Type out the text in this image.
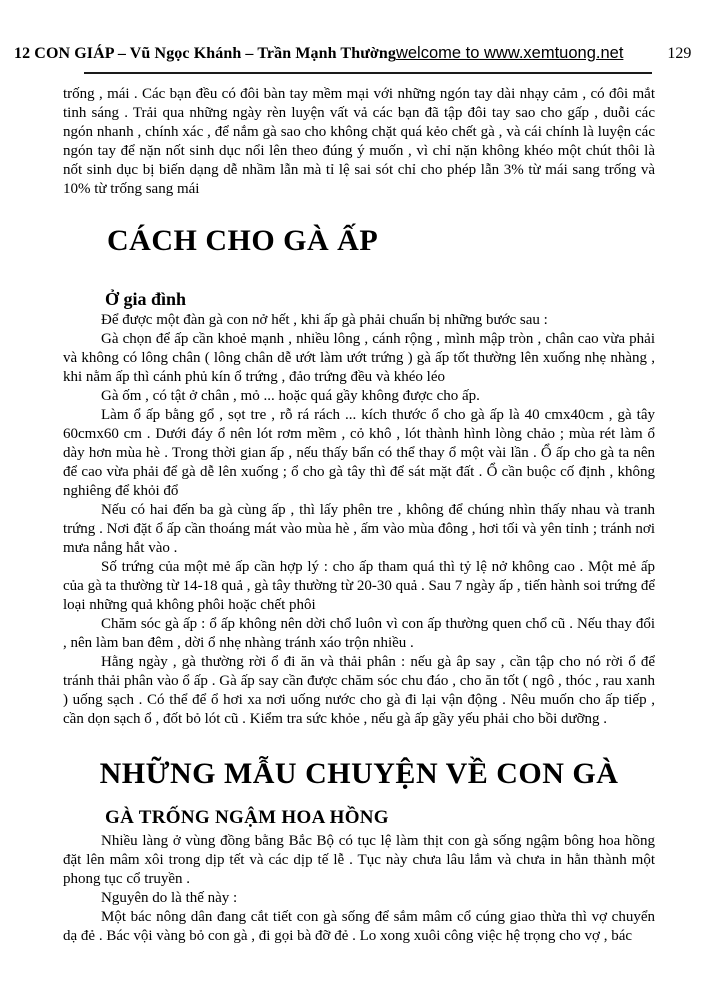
12 CON GIÁP – Vũ Ngọc Khánh – Trần Mạnh Thường welcome to www.xemtuong.net	129

trống , mái . Các bạn đều có đôi bàn tay mềm mại với những ngón tay dài nhạy cảm , có đôi mắt tinh sáng . Trải qua những ngày rèn luyện vất vả các bạn đã tập đôi tay sao cho gấp , duỗi các ngón nhanh , chính xác , để nắm gà sao cho không chặt quá kẻo chết gà , và cái chính là luyện các ngón tay để nặn nốt sinh dục nổi lên theo đúng ý muốn , vì chỉ nặn không khéo một chút thôi là nốt sinh dục bị biến dạng dễ nhầm lẫn mà tỉ lệ sai sót chỉ cho phép lẫn 3% từ mái sang trống và 10% từ trống sang mái

CÁCH CHO GÀ ẤP
Ở gia đình

Để được một đàn gà con nở hết , khi ấp gà phải chuẩn bị những bước sau :

Gà chọn để ấp cần khoẻ mạnh , nhiều lông , cánh rộng , mình mập tròn , chân cao vừa phải và không có lông chân ( lông chân dễ ướt làm ướt trứng ) gà ấp tốt thường lên xuống nhẹ nhàng , khi nằm ấp thì cánh phủ kín ổ trứng , đảo trứng đều và khéo léo

Gà ốm , có tật ở chân , mỏ ... hoặc quá gầy không được cho ấp.

Làm ổ ấp bằng gổ , sọt tre , rỗ rá rách ... kích thước ổ cho gà ấp là 40 cmx40cm , gà tây 60cmx60 cm . Dưới đáy ổ nên lót rơm mềm , cỏ khô , lót thành hình lòng chảo ; mùa rét làm ổ dày hơn mùa hè . Trong thời gian ấp , nếu thấy bẩn có thể thay ổ một vài lần . Ổ ấp cho gà ta nên để cao vừa phải để gà dễ lên xuống ; ổ cho gà tây thì để sát mặt đất . Ổ cần buộc cố định , không nghiêng để khỏi đổ

Nếu có hai đến ba gà cùng ấp , thì lấy phên tre , không để chúng nhìn thấy nhau và tranh trứng . Nơi đặt ổ ấp cần thoáng mát vào mùa hè , ấm vào mùa đông , hơi tối và yên tỉnh ; tránh nơi mưa nắng hắt vào .

Số trứng của một mẻ ấp cần hợp lý : cho ấp tham quá thì tỷ lệ nở không cao . Một mẻ ấp của gà ta thường từ 14-18 quả , gà tây thường từ 20-30 quả . Sau 7 ngày ấp , tiến hành soi trứng để loại những quả không phôi hoặc chết phôi

Chăm sóc gà ấp : ổ ấp không nên dời chổ luôn vì con ấp thường quen chổ cũ . Nếu thay đổi , nên làm ban đêm , dời ổ nhẹ nhàng tránh xáo trộn nhiều .

Hằng ngày , gà thường rời ổ đi ăn và thải phân : nếu gà âp say , cần tập cho nó rời ổ để tránh thải phân vào ổ ấp . Gà ấp say cần được chăm sóc chu đáo , cho ăn tốt ( ngô , thóc , rau xanh ) uống sạch . Có thể để ổ hơi xa nơi uống nước cho gà đi lại vận động . Nêu muốn cho ấp tiếp , cần dọn sạch ổ , đốt bỏ lót cũ . Kiểm tra sức khỏe , nếu gà ấp gầy yếu phải cho bồi dưỡng .

NHỮNG MẪU CHUYỆN VỀ CON GÀ
GÀ TRỐNG NGẬM HOA HỒNG

Nhiều làng ở vùng đồng bằng Bắc Bộ có tục lệ làm thịt con gà sống ngậm bông hoa hồng đặt lên mâm xôi trong dịp tết và các dịp tế lễ . Tục này chưa lâu lắm và chưa in hằn thành một phong tục cổ truyền .

Nguyên do là thế này :

Một bác nông dân đang cắt tiết con gà sống để sắm mâm cổ cúng giao thừa thì vợ chuyển dạ đẻ . Bác vội vàng bỏ con gà , đi gọi bà đỡ đẻ . Lo xong xuôi công việc hệ trọng cho vợ , bác
